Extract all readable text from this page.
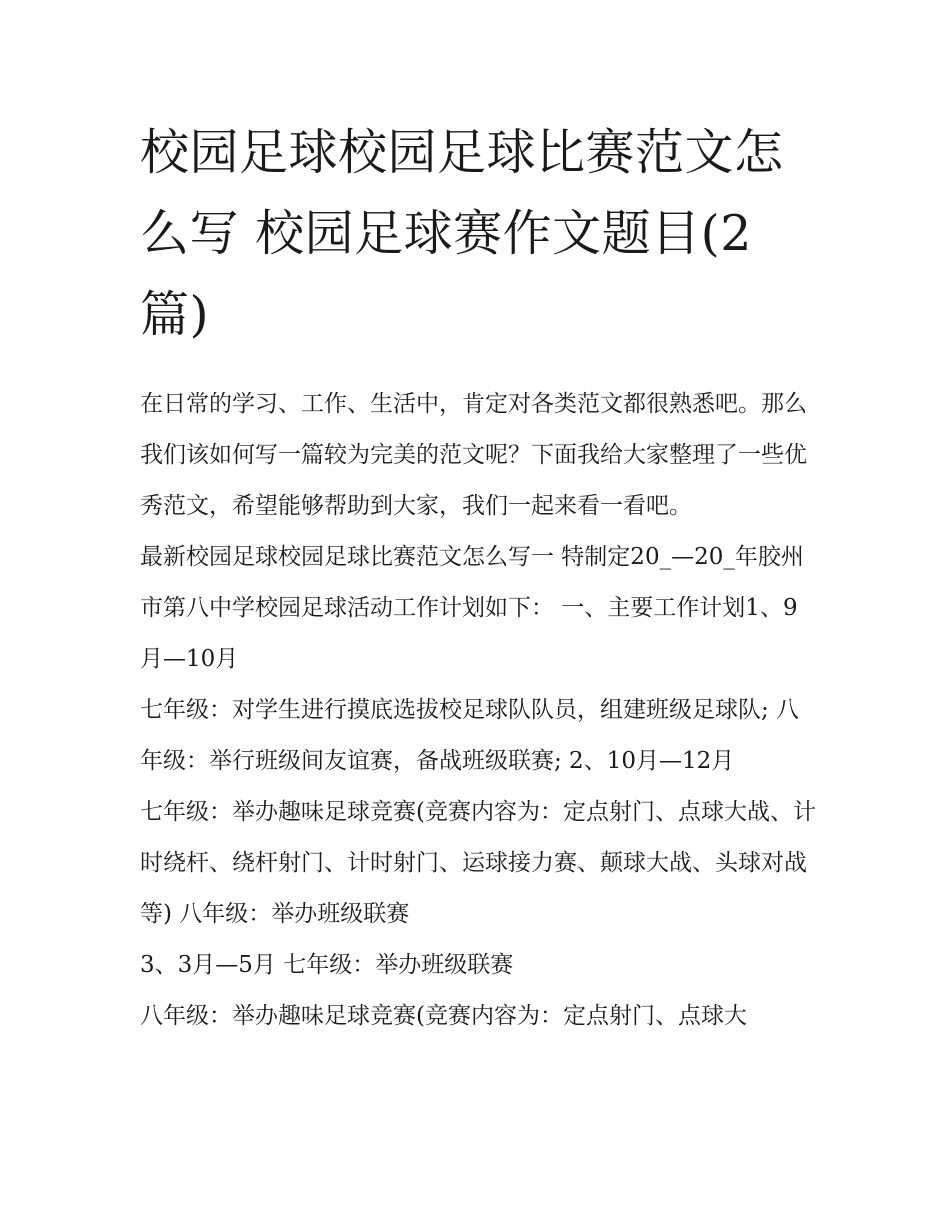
校园足球校园足球比赛范文怎么写 校园足球赛作文题目(2篇)

在日常的学习、工作、生活中，肯定对各类范文都很熟悉吧。那么我们该如何写一篇较为完美的范文呢？下面我给大家整理了一些优秀范文，希望能够帮助到大家，我们一起来看一看吧。

最新校园足球校园足球比赛范文怎么写一 特制定20_—20_年胶州市第八中学校园足球活动工作计划如下： 一、主要工作计划1、9月—10月

七年级：对学生进行摸底选拔校足球队队员，组建班级足球队; 八年级：举行班级间友谊赛，备战班级联赛; 2、10月—12月

七年级：举办趣味足球竞赛(竞赛内容为：定点射门、点球大战、计时绕杆、绕杆射门、计时射门、运球接力赛、颠球大战、头球对战等) 八年级：举办班级联赛

3、3月—5月 七年级：举办班级联赛

八年级：举办趣味足球竞赛(竞赛内容为：定点射门、点球大
